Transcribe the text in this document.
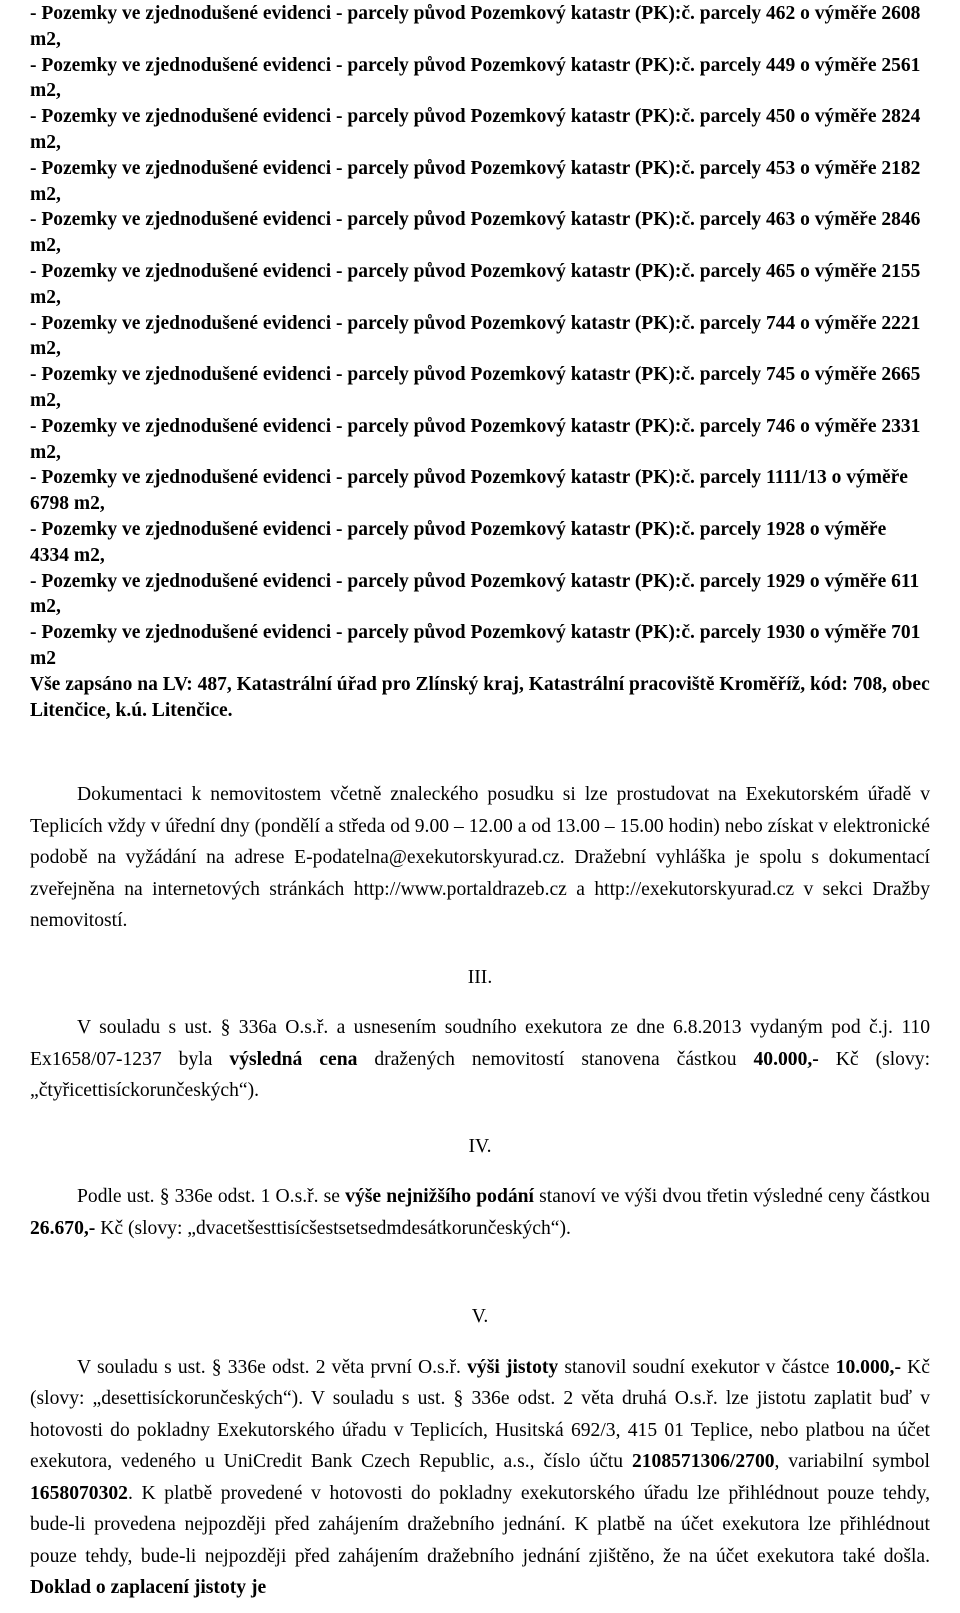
- Pozemky ve zjednodušené evidenci - parcely původ Pozemkový katastr (PK):č. parcely 462 o výměře 2608 m2,

- Pozemky ve zjednodušené evidenci - parcely původ Pozemkový katastr (PK):č. parcely 449 o výměře 2561 m2,

- Pozemky ve zjednodušené evidenci - parcely původ Pozemkový katastr (PK):č. parcely 450 o výměře 2824 m2,

- Pozemky ve zjednodušené evidenci - parcely původ Pozemkový katastr (PK):č. parcely 453 o výměře 2182 m2,

- Pozemky ve zjednodušené evidenci - parcely původ Pozemkový katastr (PK):č. parcely 463 o výměře 2846 m2,

- Pozemky ve zjednodušené evidenci - parcely původ Pozemkový katastr (PK):č. parcely 465 o výměře 2155 m2,

- Pozemky ve zjednodušené evidenci - parcely původ Pozemkový katastr (PK):č. parcely 744 o výměře 2221 m2,

- Pozemky ve zjednodušené evidenci - parcely původ Pozemkový katastr (PK):č. parcely 745 o výměře 2665 m2,

- Pozemky ve zjednodušené evidenci - parcely původ Pozemkový katastr (PK):č. parcely 746 o výměře 2331 m2,

- Pozemky ve zjednodušené evidenci - parcely původ Pozemkový katastr (PK):č. parcely 1111/13 o výměře 6798 m2,

- Pozemky ve zjednodušené evidenci - parcely původ Pozemkový katastr (PK):č. parcely 1928 o výměře 4334 m2,

- Pozemky ve zjednodušené evidenci - parcely původ Pozemkový katastr (PK):č. parcely 1929 o výměře 611 m2,

- Pozemky ve zjednodušené evidenci - parcely původ Pozemkový katastr (PK):č. parcely 1930 o výměře 701 m2

Vše zapsáno na LV: 487, Katastrální úřad pro Zlínský kraj, Katastrální pracoviště Kroměříž, kód: 708, obec Litenčice, k.ú. Litenčice.

Dokumentaci k nemovitostem včetně znaleckého posudku si lze prostudovat na Exekutorském úřadě v Teplicích vždy v úřední dny (pondělí a středa od 9.00 – 12.00 a od 13.00 – 15.00 hodin) nebo získat v elektronické podobě na vyžádání na adrese E-podatelna@exekutorskyurad.cz. Dražební vyhláška je spolu s dokumentací zveřejněna na internetových stránkách http://www.portaldrazeb.cz a http://exekutorskyurad.cz v sekci Dražby nemovitostí.

III.

V souladu s ust. § 336a O.s.ř. a usnesením soudního exekutora ze dne 6.8.2013 vydaným pod č.j. 110 Ex1658/07-1237 byla výsledná cena dražených nemovitostí stanovena částkou 40.000,- Kč (slovy: „čtyřicettisíckorunčeských“).

IV.

Podle ust. § 336e odst. 1 O.s.ř. se výše nejnižšího podání stanoví ve výši dvou třetin výsledné ceny částkou 26.670,- Kč (slovy: „dvacetšesttisícšestsetsedmdesátkorunčeských“).

V.

V souladu s ust. § 336e odst. 2 věta první O.s.ř. výši jistoty stanovil soudní exekutor v částce 10.000,- Kč (slovy: „desettisíckorunčeských“). V souladu s ust. § 336e odst. 2 věta druhá O.s.ř. lze jistotu zaplatit buď v hotovosti do pokladny Exekutorského úřadu v Teplicích, Husitská 692/3, 415 01 Teplice, nebo platbou na účet exekutora, vedeného u UniCredit Bank Czech Republic, a.s., číslo účtu 2108571306/2700, variabilní symbol 1658070302. K platbě provedené v hotovosti do pokladny exekutorského úřadu lze přihlédnout pouze tehdy, bude-li provedena nejpozději před zahájením dražebního jednání. K platbě na účet exekutora lze přihlédnout pouze tehdy, bude-li nejpozději před zahájením dražebního jednání zjištěno, že na účet exekutora také došla. Doklad o zaplacení jistoty je
